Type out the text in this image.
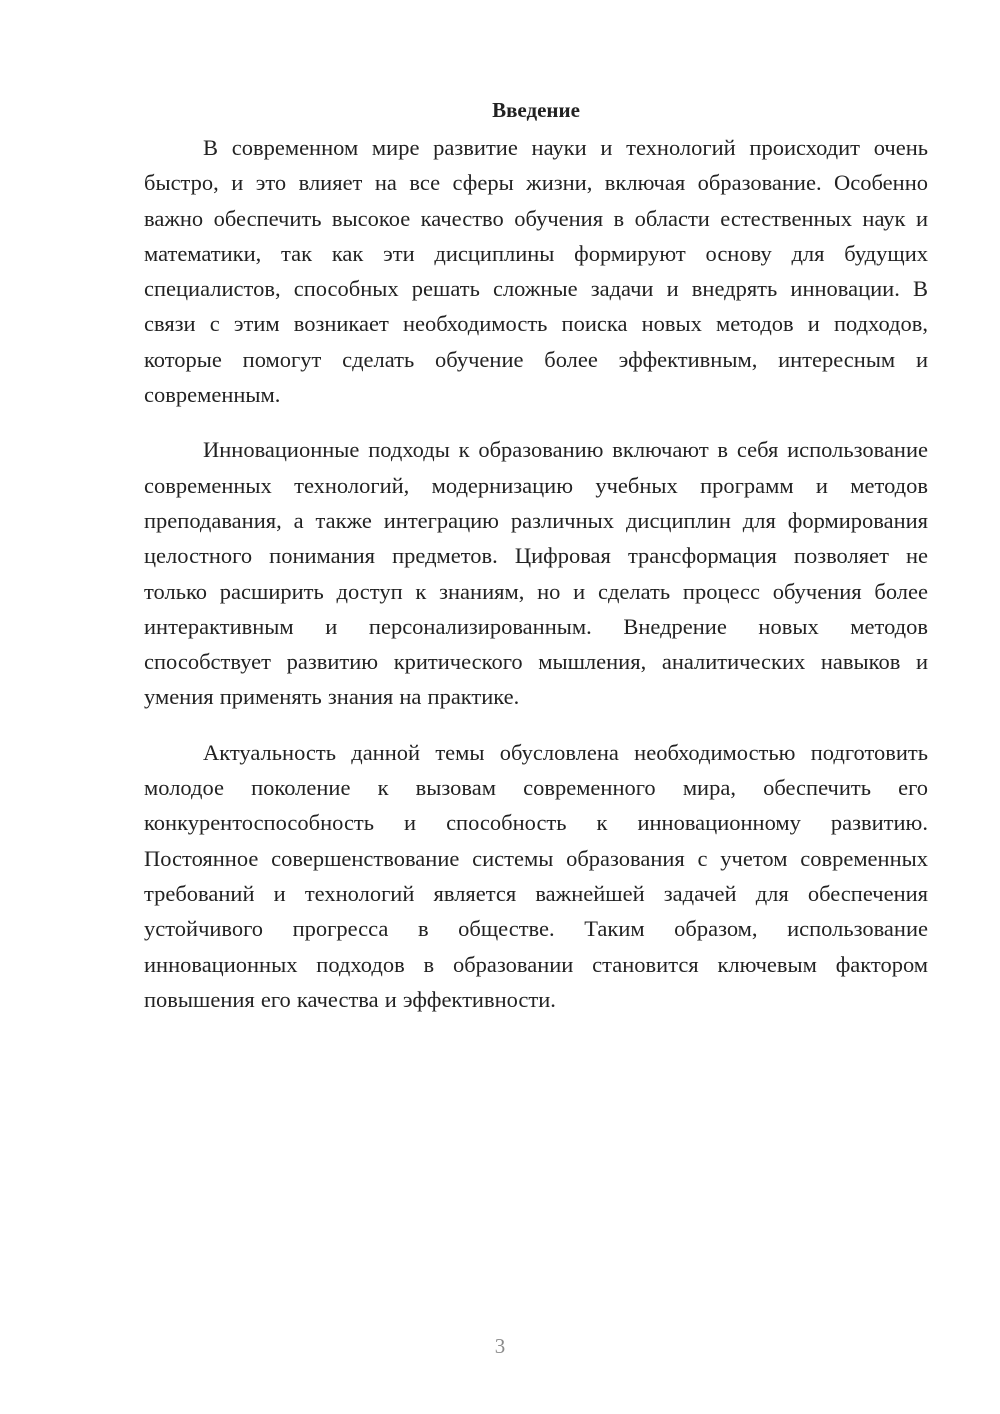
Введение

В современном мире развитие науки и технологий происходит очень быстро, и это влияет на все сферы жизни, включая образование. Особенно важно обеспечить высокое качество обучения в области естественных наук и математики, так как эти дисциплины формируют основу для будущих специалистов, способных решать сложные задачи и внедрять инновации. В связи с этим возникает необходимость поиска новых методов и подходов, которые помогут сделать обучение более эффективным, интересным и современным.

Инновационные подходы к образованию включают в себя использование современных технологий, модернизацию учебных программ и методов преподавания, а также интеграцию различных дисциплин для формирования целостного понимания предметов. Цифровая трансформация позволяет не только расширить доступ к знаниям, но и сделать процесс обучения более интерактивным и персонализированным. Внедрение новых методов способствует развитию критического мышления, аналитических навыков и умения применять знания на практике.

Актуальность данной темы обусловлена необходимостью подготовить молодое поколение к вызовам современного мира, обеспечить его конкурентоспособность и способность к инновационному развитию. Постоянное совершенствование системы образования с учетом современных требований и технологий является важнейшей задачей для обеспечения устойчивого прогресса в обществе. Таким образом, использование инновационных подходов в образовании становится ключевым фактором повышения его качества и эффективности.

3
